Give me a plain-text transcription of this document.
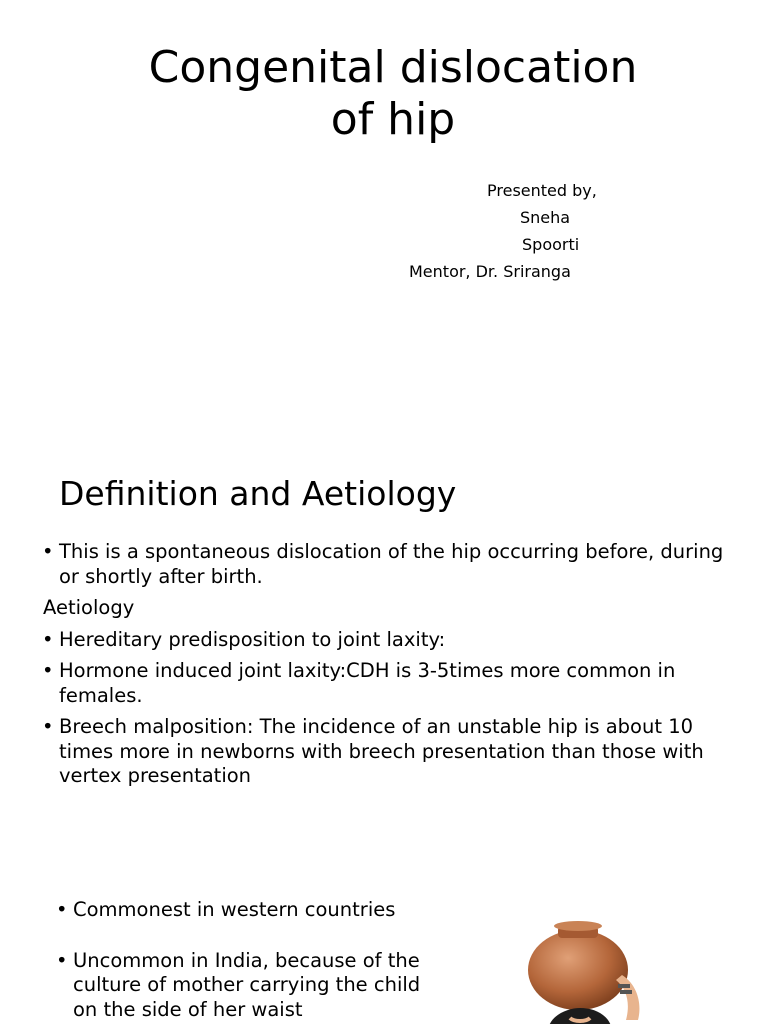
Congenital dislocation
of hip
Presented by,
Sneha
Spoorti
Mentor, Dr. Sriranga
Definition and Aetiology
• This is a spontaneous dislocation of the hip occurring before, during or shortly after birth.
Aetiology
• Hereditary predisposition to joint laxity:
• Hormone induced joint laxity:CDH is 3-5times more common in females.
• Breech malposition: The incidence of an unstable hip is about 10 times more in newborns with breech presentation than those with vertex presentation
• Commonest in western countries
• Uncommon in India, because of the culture of mother carrying the child on the side of her waist
